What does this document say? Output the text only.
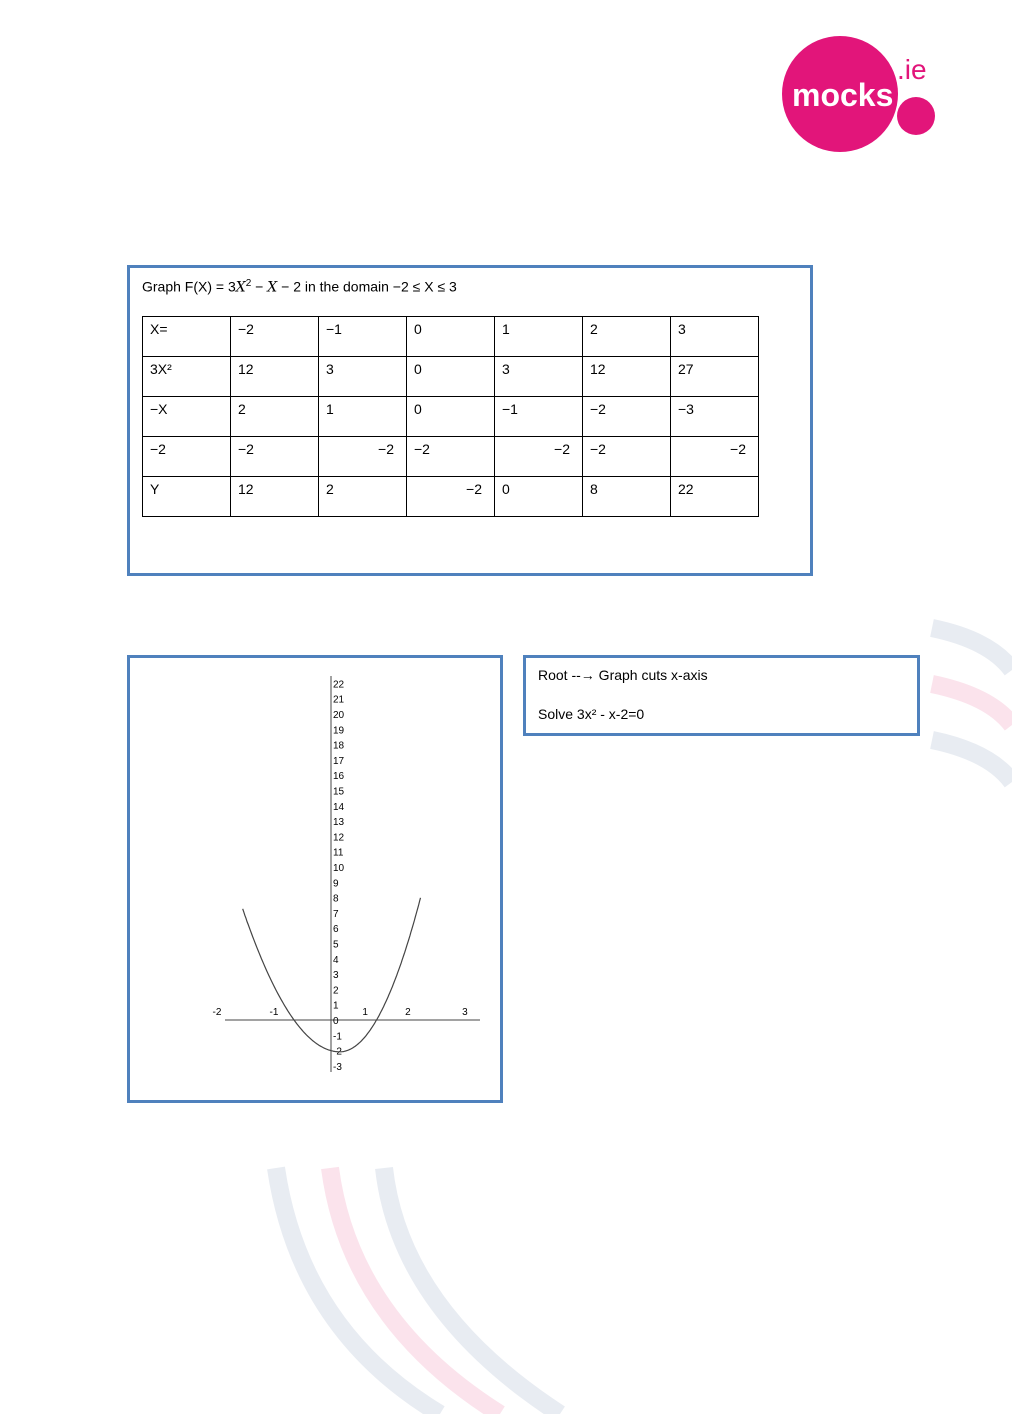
mocks
.ie
Graph $F(X) = 3X^2 - X - 2$ in the domain −2 ≤ X ≤ 3
X=	−2	−1	0	1	2	3
3X²	12	3	0	3	12	27
−X	2	1	0	−1	−2	−3
−2	−2	−2	−2	−2	−2	−2
Y	12	2	−2	0	8	22
-2	-1	1	2	3
22
21
20
19
18
17
16
15
14
13
12
11
10
9
8
7
6
5
4
3
2
1
0
-1
-2
-3
Root --→ Graph cuts x-axis
Solve 3x² - x-2=0
